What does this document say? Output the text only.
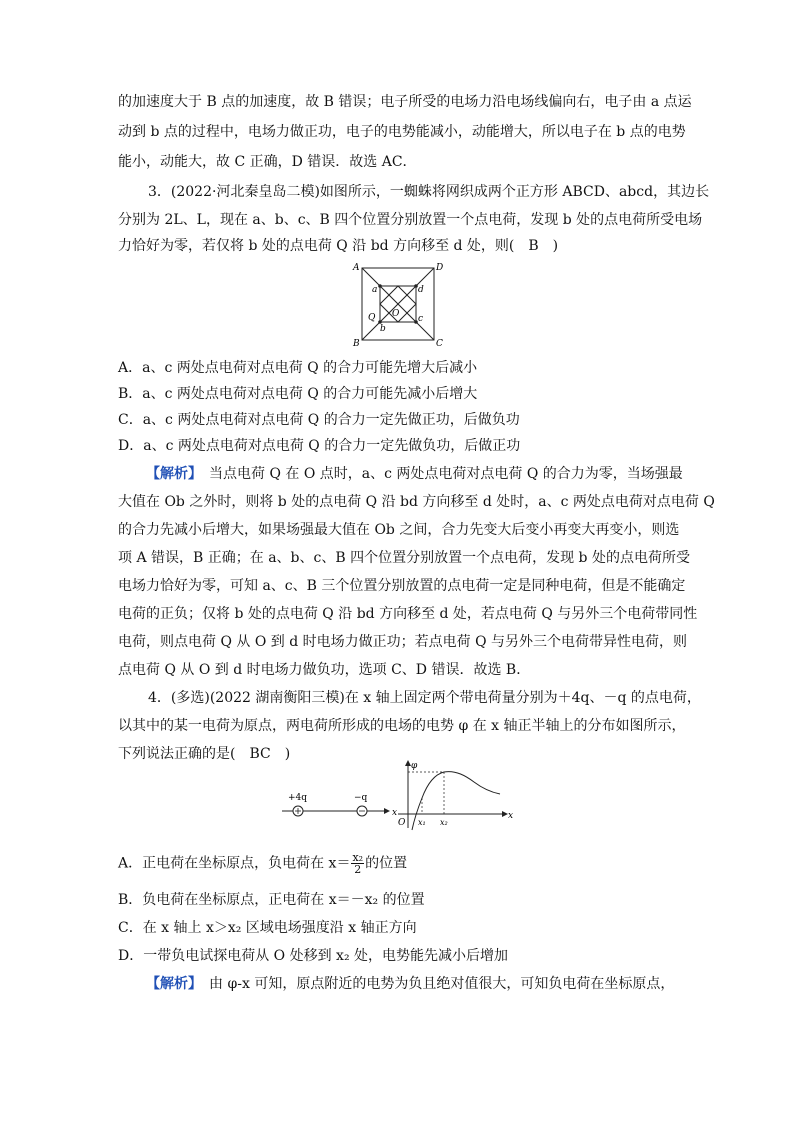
的加速度大于 B 点的加速度，故 B 错误；电子所受的电场力沿电场线偏向右，电子由 a 点运
动到 b 点的过程中，电场力做正功，电子的电势能减小，动能增大，所以电子在 b 点的电势
能小，动能大，故 C 正确，D 错误．故选 AC．
3．(2022·河北秦皇岛二模)如图所示，一蜘蛛将网织成两个正方形 ABCD、abcd，其边长
分别为 2L、L，现在 a、b、c、B 四个位置分别放置一个点电荷，发现 b 处的点电荷所受电场
力恰好为零，若仅将 b 处的点电荷 Q 沿 bd 方向移至 d 处，则(　B　)
A	D
B	C
a	d
c
b
O
Q
A．a、c 两处点电荷对点电荷 Q 的合力可能先增大后减小
B．a、c 两处点电荷对点电荷 Q 的合力可能先减小后增大
C．a、c 两处点电荷对点电荷 Q 的合力一定先做正功，后做负功
D．a、c 两处点电荷对点电荷 Q 的合力一定先做负功，后做正功
【解析】　当点电荷 Q 在 O 点时，a、c 两处点电荷对点电荷 Q 的合力为零，当场强最
大值在 Ob 之外时，则将 b 处的点电荷 Q 沿 bd 方向移至 d 处时，a、c 两处点电荷对点电荷 Q
的合力先减小后增大，如果场强最大值在 Ob 之间，合力先变大后变小再变大再变小，则选
项 A 错误，B 正确；在 a、b、c、B 四个位置分别放置一个点电荷，发现 b 处的点电荷所受
电场力恰好为零，可知 a、c、B 三个位置分别放置的点电荷一定是同种电荷，但是不能确定
电荷的正负；仅将 b 处的点电荷 Q 沿 bd 方向移至 d 处，若点电荷 Q 与另外三个电荷带同性
电荷，则点电荷 Q 从 O 到 d 时电场力做正功；若点电荷 Q 与另外三个电荷带异性电荷，则
点电荷 Q 从 O 到 d 时电场力做负功，选项 C、D 错误．故选 B．
4．(多选)(2022 湖南衡阳三模)在 x 轴上固定两个带电荷量分别为＋4q、－q 的点电荷，
以其中的某一电荷为原点，两电荷所形成的电场的电势 φ 在 x 轴正半轴上的分布如图所示，
下列说法正确的是(　BC　)
+4q	−q
x
φ
O x₁ x₂
x
A．正电荷在坐标原点，负电荷在 $x= \frac{\text{x₂}}{2}$ 的位置
B．负电荷在坐标原点，正电荷在 x＝－x₂ 的位置
C．在 x 轴上 x＞x₂ 区域电场强度沿 x 轴正方向
D．一带负电试探电荷从 O 处移到 x₂ 处，电势能先减小后增加
【解析】　由 φ-x 可知，原点附近的电势为负且绝对值很大，可知负电荷在坐标原点，
